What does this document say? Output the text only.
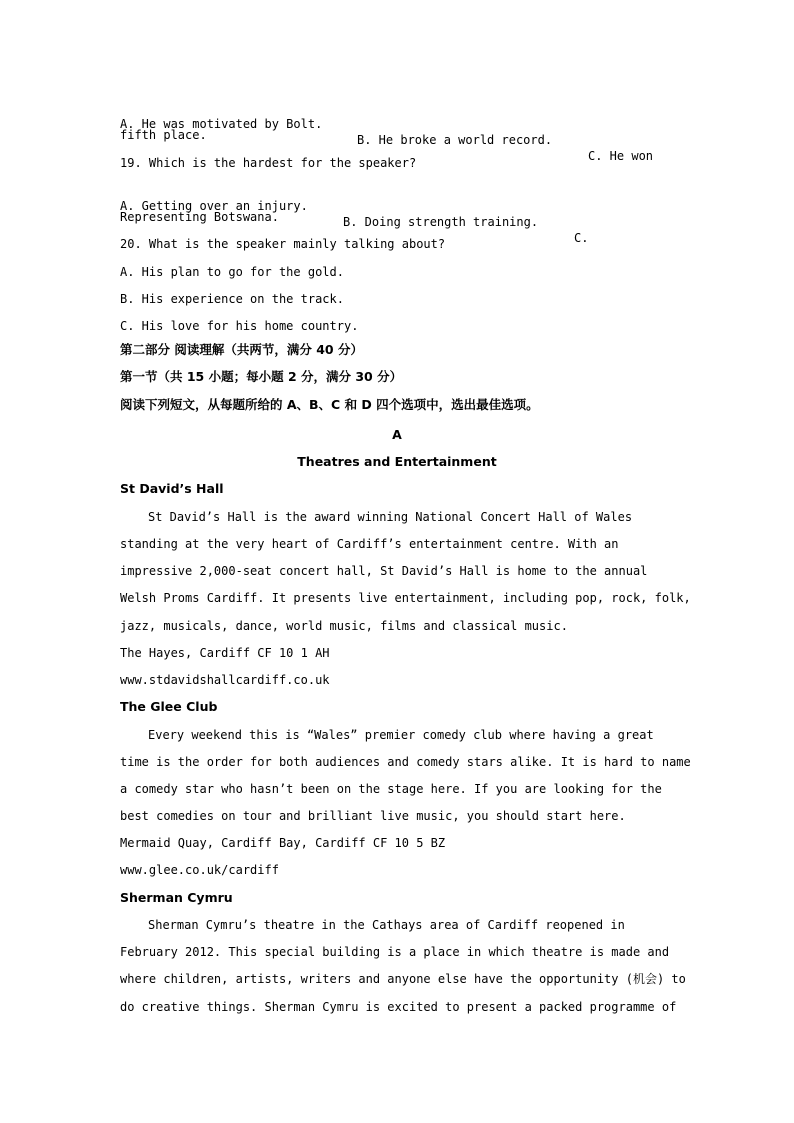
A. He was motivated by Bolt.

B. He broke a world record.

C. He won

fifth place.
19. Which is the hardest for the speaker?

A. Getting over an injury.

B. Doing strength training.

C.

Representing Botswana.
20. What is the speaker mainly talking about?
A. His plan to go for the gold.
B. His experience on the track.
C. His love for his home country.
第二部分 阅读理解（共两节，满分 40 分）
第一节（共 15 小题；每小题 2 分，满分 30 分）
阅读下列短文，从每题所给的 A、B、C 和 D 四个选项中，选出最佳选项。
A
Theatres and Entertainment
St David’s Hall
St David’s Hall is the award winning National Concert Hall of Wales
standing at the very heart of Cardiff’s entertainment centre. With an
impressive 2,000-seat concert hall, St David’s Hall is home to the annual
Welsh Proms Cardiff. It presents live entertainment, including pop, rock, folk,
jazz, musicals, dance, world music, films and classical music.
The Hayes, Cardiff CF 10 1 AH
www.stdavidshallcardiff.co.uk
The Glee Club
Every weekend this is “Wales” premier comedy club where having a great
time is the order for both audiences and comedy stars alike. It is hard to name
a comedy star who hasn’t been on the stage here. If you are looking for the
best comedies on tour and brilliant live music, you should start here.
Mermaid Quay, Cardiff Bay, Cardiff CF 10 5 BZ
www.glee.co.uk/cardiff
Sherman Cymru
Sherman Cymru’s theatre in the Cathays area of Cardiff reopened in
February 2012. This special building is a place in which theatre is made and
where children, artists, writers and anyone else have the opportunity (机会) to
do creative things. Sherman Cymru is excited to present a packed programme of
